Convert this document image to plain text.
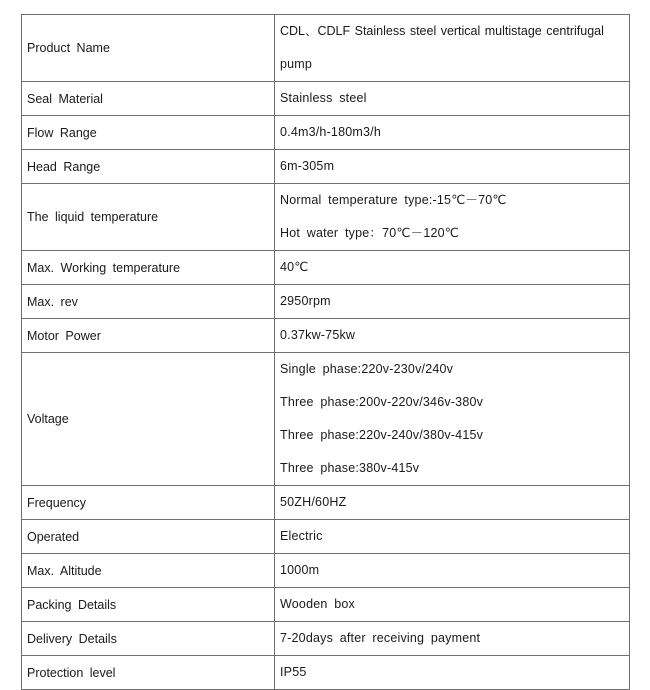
Product Name	CDL、CDLF Stainless steel vertical multistage centrifugal
pump

Seal Material	Stainless steel

Flow Range	0.4m3/h-180m3/h

Head Range	6m-305m

The liquid temperature	Normal temperature type:-15℃－70℃
Hot water type：70℃－120℃

Max. Working temperature	40℃

Max. rev	2950rpm

Motor Power	0.37kw-75kw

Voltage	Single phase:220v-230v/240v
Three phase:200v-220v/346v-380v
Three phase:220v-240v/380v-415v
Three phase:380v-415v

Frequency	50ZH/60HZ

Operated	Electric

Max. Altitude	1000m

Packing Details	Wooden box

Delivery Details	7-20days after receiving payment

Protection level	IP55
